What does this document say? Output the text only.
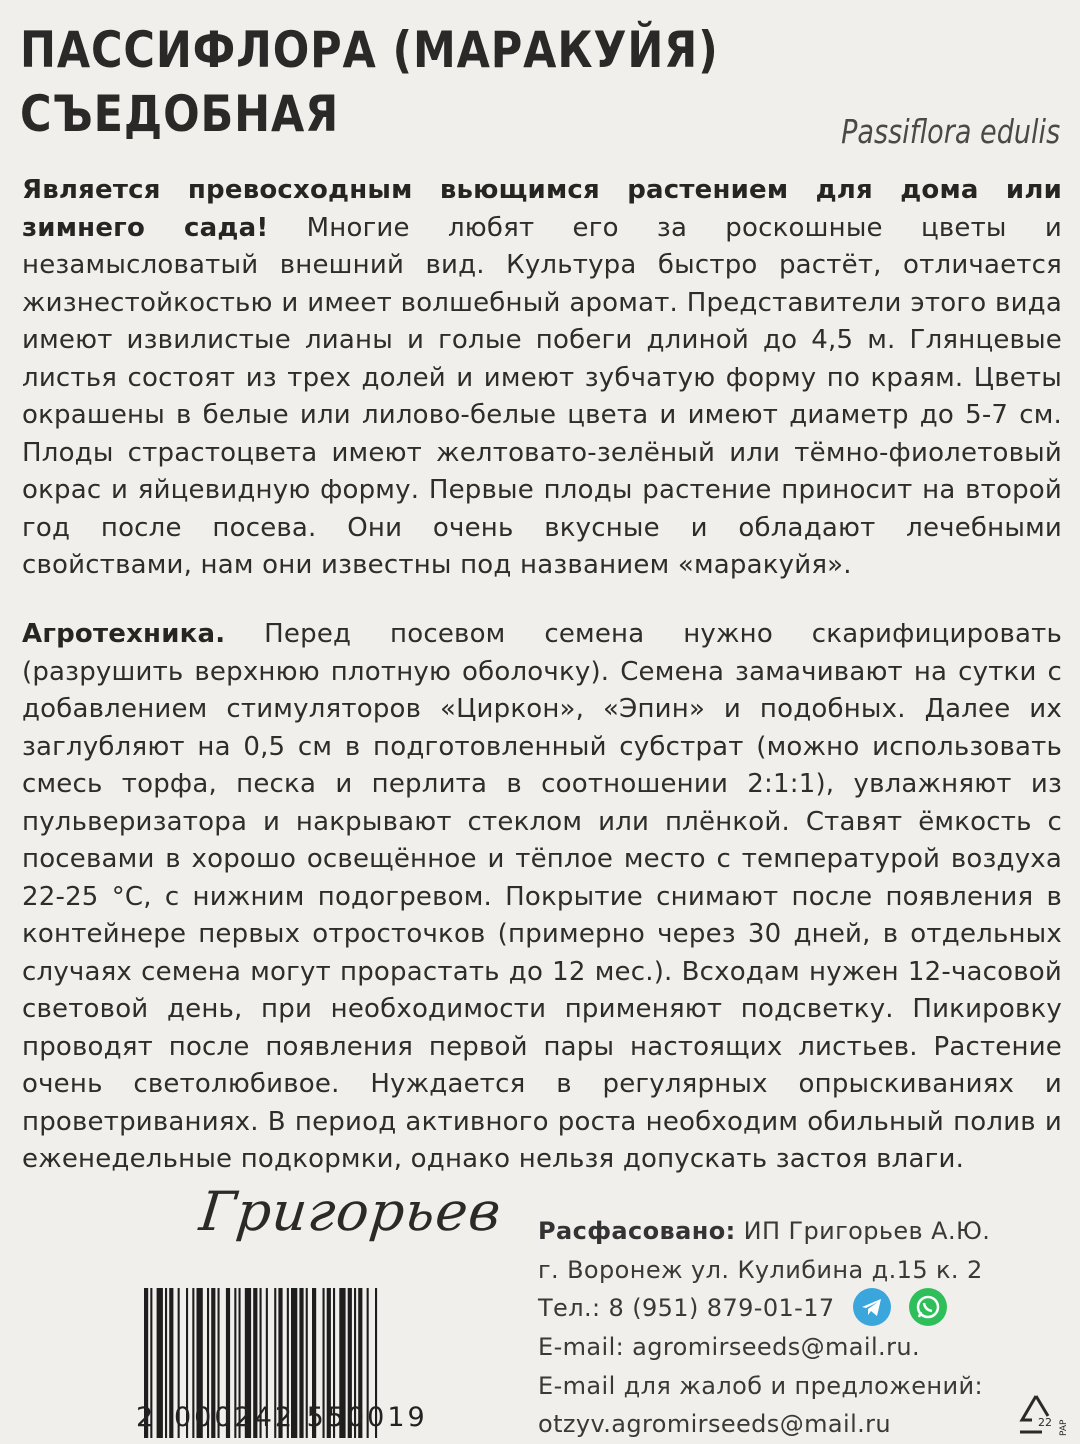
ПАССИФЛОРА (МАРАКУЙЯ)
СЪЕДОБНАЯ	Passiflora edulis

Является превосходным вьющимся растением для дома или зимнего сада! Многие любят его за роскошные цветы и незамысловатый внешний вид. Культура быстро растёт, отличается жизнестойкостью и имеет волшебный аромат. Представители этого вида имеют извилистые лианы и голые побеги длиной до 4,5 м. Глянцевые листья состоят из трех долей и имеют зубчатую форму по краям. Цветы окрашены в белые или лилово-белые цвета и имеют диаметр до 5-7 см. Плоды страстоцвета имеют желтовато-зелёный или тёмно-фиолетовый окрас и яйцевидную форму. Первые плоды растение приносит на второй год после посева. Они очень вкусные и обладают лечебными свойствами, нам они известны под названием «маракуйя».

Агротехника. Перед посевом семена нужно скарифицировать (разрушить верхнюю плотную оболочку). Семена замачивают на сутки с добавлением стимуляторов «Циркон», «Эпин» и подобных. Далее их заглубляют на 0,5 см в подготовленный субстрат (можно использовать смесь торфа, песка и перлита в соотношении 2:1:1), увлажняют из пульверизатора и накрывают стеклом или плёнкой. Ставят ёмкость с посевами в хорошо освещённое и тёплое место с температурой воздуха 22-25 °С, с нижним подогревом. Покрытие снимают после появления в контейнере первых отросточков (примерно через 30 дней, в отдельных случаях семена могут прорастать до 12 мес.). Всходам нужен 12-часовой световой день, при необходимости применяют подсветку. Пикировку проводят после появления первой пары настоящих листьев. Растение очень светолюбивое. Нуждается в регулярных опрыскиваниях и проветриваниях. В период активного роста необходим обильный полив и еженедельные подкормки, однако нельзя допускать застоя влаги.

Григорьев
2 000242 550019
Расфасовано: ИП Григорьев А.Ю.
г. Воронеж ул. Кулибина д.15 к. 2
Тел.: 8 (951) 879-01-17
E-mail: agromirseeds@mail.ru.
E-mail для жалоб и предложений:
otzyv.agromirseeds@mail.ru	22 PAP
